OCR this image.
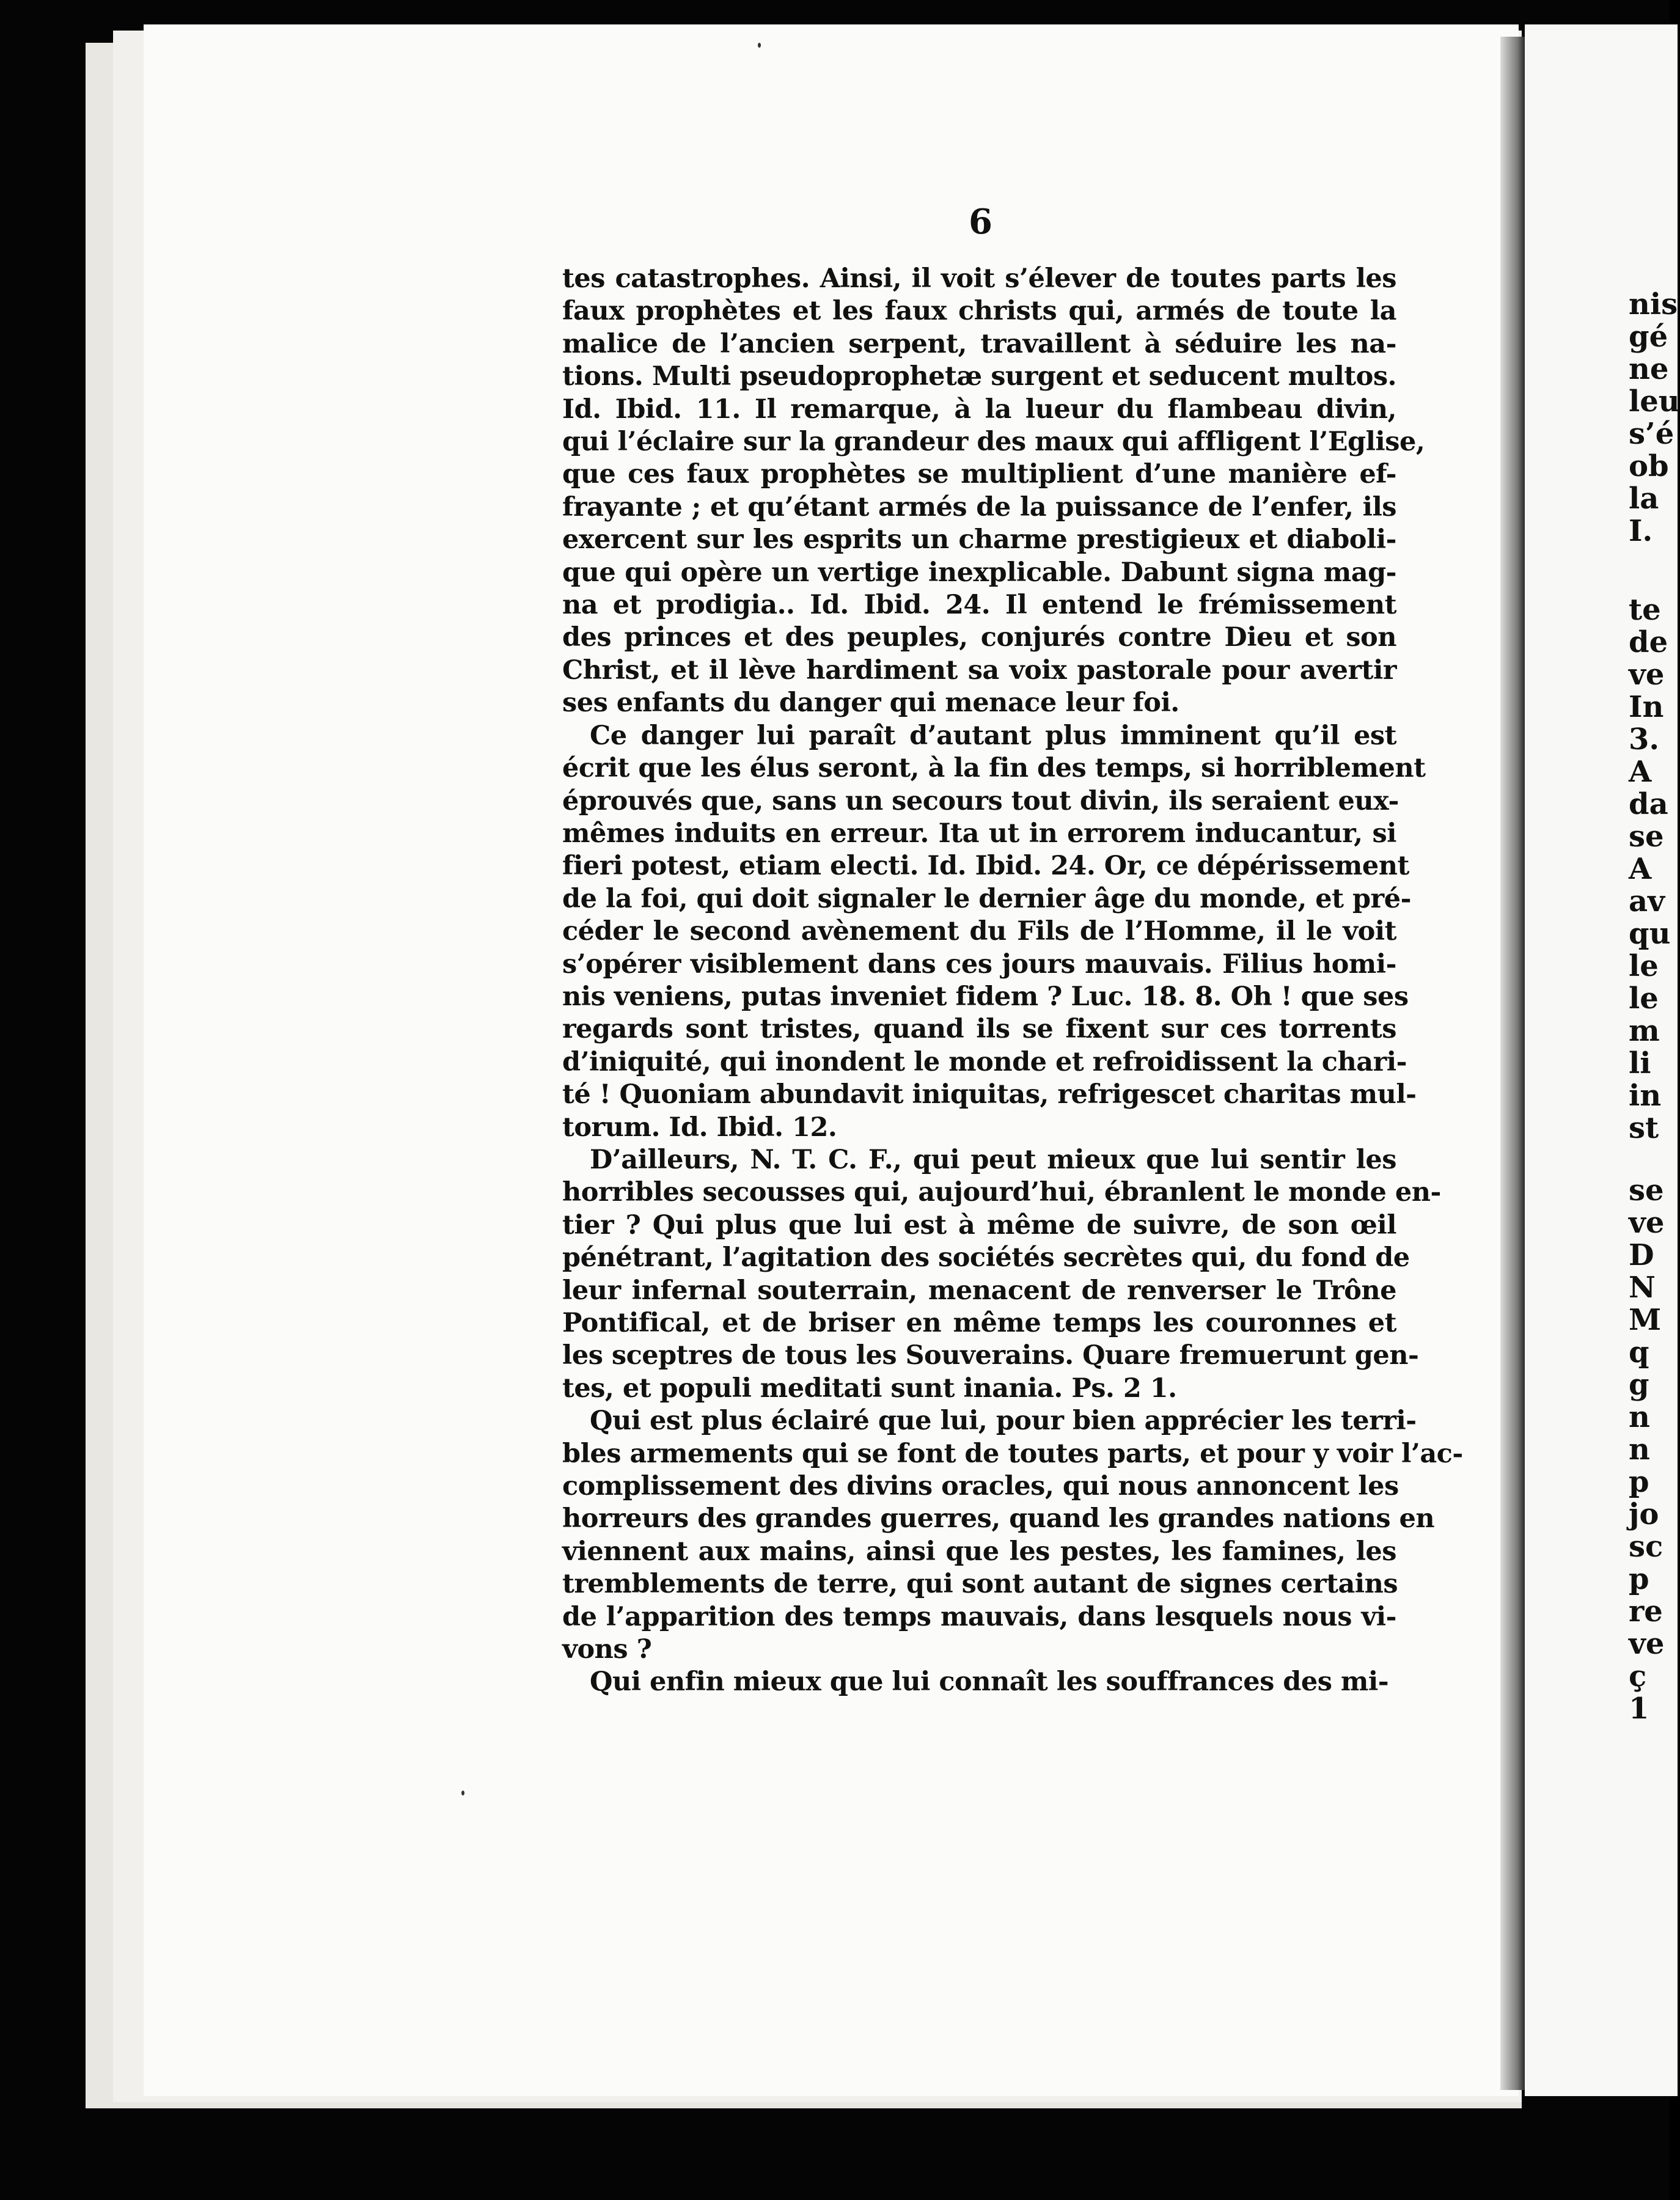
nis
gé
ne
leu
s’é
ob
la
I.
te
de
ve
In
3.
A
da
se
A
av
qu
le
le
m
li
in
st
se
ve
D
N
M
q
g
n
n
p
jo
sc
p
re
ve
ç
1
6
tes catastrophes. Ainsi, il voit s’élever de toutes parts les
faux prophètes et les faux christs qui, armés de toute la
malice de l’ancien serpent, travaillent à séduire les na-
tions. Multi pseudoprophetæ surgent et seducent multos.
Id. Ibid. 11. Il remarque, à la lueur du flambeau divin,
qui l’éclaire sur la grandeur des maux qui affligent l’Eglise,
que ces faux prophètes se multiplient d’une manière ef-
frayante ; et qu’étant armés de la puissance de l’enfer, ils
exercent sur les esprits un charme prestigieux et diaboli-
que qui opère un vertige inexplicable. Dabunt signa mag-
na et prodigia.. Id. Ibid. 24. Il entend le frémissement
des princes et des peuples, conjurés contre Dieu et son
Christ, et il lève hardiment sa voix pastorale pour avertir
ses enfants du danger qui menace leur foi.
Ce danger lui paraît d’autant plus imminent qu’il est
écrit que les élus seront, à la fin des temps, si horriblement
éprouvés que, sans un secours tout divin, ils seraient eux-
mêmes induits en erreur. Ita ut in errorem inducantur, si
fieri potest, etiam electi. Id. Ibid. 24. Or, ce dépérissement
de la foi, qui doit signaler le dernier âge du monde, et pré-
céder le second avènement du Fils de l’Homme, il le voit
s’opérer visiblement dans ces jours mauvais. Filius homi-
nis veniens, putas inveniet fidem ? Luc. 18. 8. Oh ! que ses
regards sont tristes, quand ils se fixent sur ces torrents
d’iniquité, qui inondent le monde et refroidissent la chari-
té ! Quoniam abundavit iniquitas, refrigescet charitas mul-
torum. Id. Ibid. 12.
D’ailleurs, N. T. C. F., qui peut mieux que lui sentir les
horribles secousses qui, aujourd’hui, ébranlent le monde en-
tier ? Qui plus que lui est à même de suivre, de son œil
pénétrant, l’agitation des sociétés secrètes qui, du fond de
leur infernal souterrain, menacent de renverser le Trône
Pontifical, et de briser en même temps les couronnes et
les sceptres de tous les Souverains. Quare fremuerunt gen-
tes, et populi meditati sunt inania. Ps. 2 1.
Qui est plus éclairé que lui, pour bien apprécier les terri-
bles armements qui se font de toutes parts, et pour y voir l’ac-
complissement des divins oracles, qui nous annoncent les
horreurs des grandes guerres, quand les grandes nations en
viennent aux mains, ainsi que les pestes, les famines, les
tremblements de terre, qui sont autant de signes certains
de l’apparition des temps mauvais, dans lesquels nous vi-
vons ?
Qui enfin mieux que lui connaît les souffrances des mi-
